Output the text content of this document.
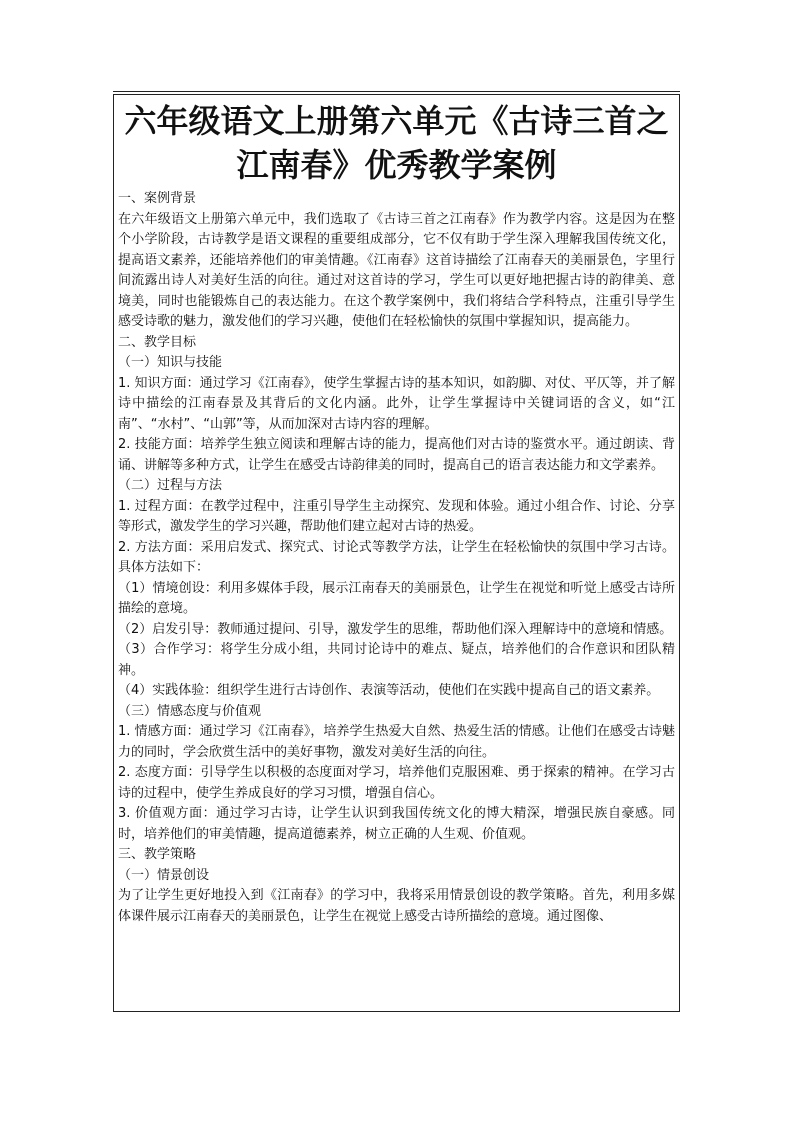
六年级语文上册第六单元《古诗三首之江南春》优秀教学案例
一、案例背景

在六年级语文上册第六单元中，我们选取了《古诗三首之江南春》作为教学内容。这是因为在整个小学阶段，古诗教学是语文课程的重要组成部分，它不仅有助于学生深入理解我国传统文化，提高语文素养，还能培养他们的审美情趣。《江南春》这首诗描绘了江南春天的美丽景色，字里行间流露出诗人对美好生活的向往。通过对这首诗的学习，学生可以更好地把握古诗的韵律美、意境美，同时也能锻炼自己的表达能力。在这个教学案例中，我们将结合学科特点，注重引导学生感受诗歌的魅力，激发他们的学习兴趣，使他们在轻松愉快的氛围中掌握知识，提高能力。

二、教学目标
（一）知识与技能

1. 知识方面：通过学习《江南春》，使学生掌握古诗的基本知识，如韵脚、对仗、平仄等，并了解诗中描绘的江南春景及其背后的文化内涵。此外，让学生掌握诗中关键词语的含义，如“江南”、“水村”、“山郭”等，从而加深对古诗内容的理解。

2. 技能方面：培养学生独立阅读和理解古诗的能力，提高他们对古诗的鉴赏水平。通过朗读、背诵、讲解等多种方式，让学生在感受古诗韵律美的同时，提高自己的语言表达能力和文学素养。

（二）过程与方法

1. 过程方面：在教学过程中，注重引导学生主动探究、发现和体验。通过小组合作、讨论、分享等形式，激发学生的学习兴趣，帮助他们建立起对古诗的热爱。

2. 方法方面：采用启发式、探究式、讨论式等教学方法，让学生在轻松愉快的氛围中学习古诗。具体方法如下：

（1）情境创设：利用多媒体手段，展示江南春天的美丽景色，让学生在视觉和听觉上感受古诗所描绘的意境。

（2）启发引导：教师通过提问、引导，激发学生的思维，帮助他们深入理解诗中的意境和情感。

（3）合作学习：将学生分成小组，共同讨论诗中的难点、疑点，培养他们的合作意识和团队精神。

（4）实践体验：组织学生进行古诗创作、表演等活动，使他们在实践中提高自己的语文素养。

（三）情感态度与价值观

1. 情感方面：通过学习《江南春》，培养学生热爱大自然、热爱生活的情感。让他们在感受古诗魅力的同时，学会欣赏生活中的美好事物，激发对美好生活的向往。

2. 态度方面：引导学生以积极的态度面对学习，培养他们克服困难、勇于探索的精神。在学习古诗的过程中，使学生养成良好的学习习惯，增强自信心。

3. 价值观方面：通过学习古诗，让学生认识到我国传统文化的博大精深，增强民族自豪感。同时，培养他们的审美情趣，提高道德素养，树立正确的人生观、价值观。

三、教学策略
（一）情景创设

为了让学生更好地投入到《江南春》的学习中，我将采用情景创设的教学策略。首先，利用多媒体课件展示江南春天的美丽景色，让学生在视觉上感受古诗所描绘的意境。通过图像、
